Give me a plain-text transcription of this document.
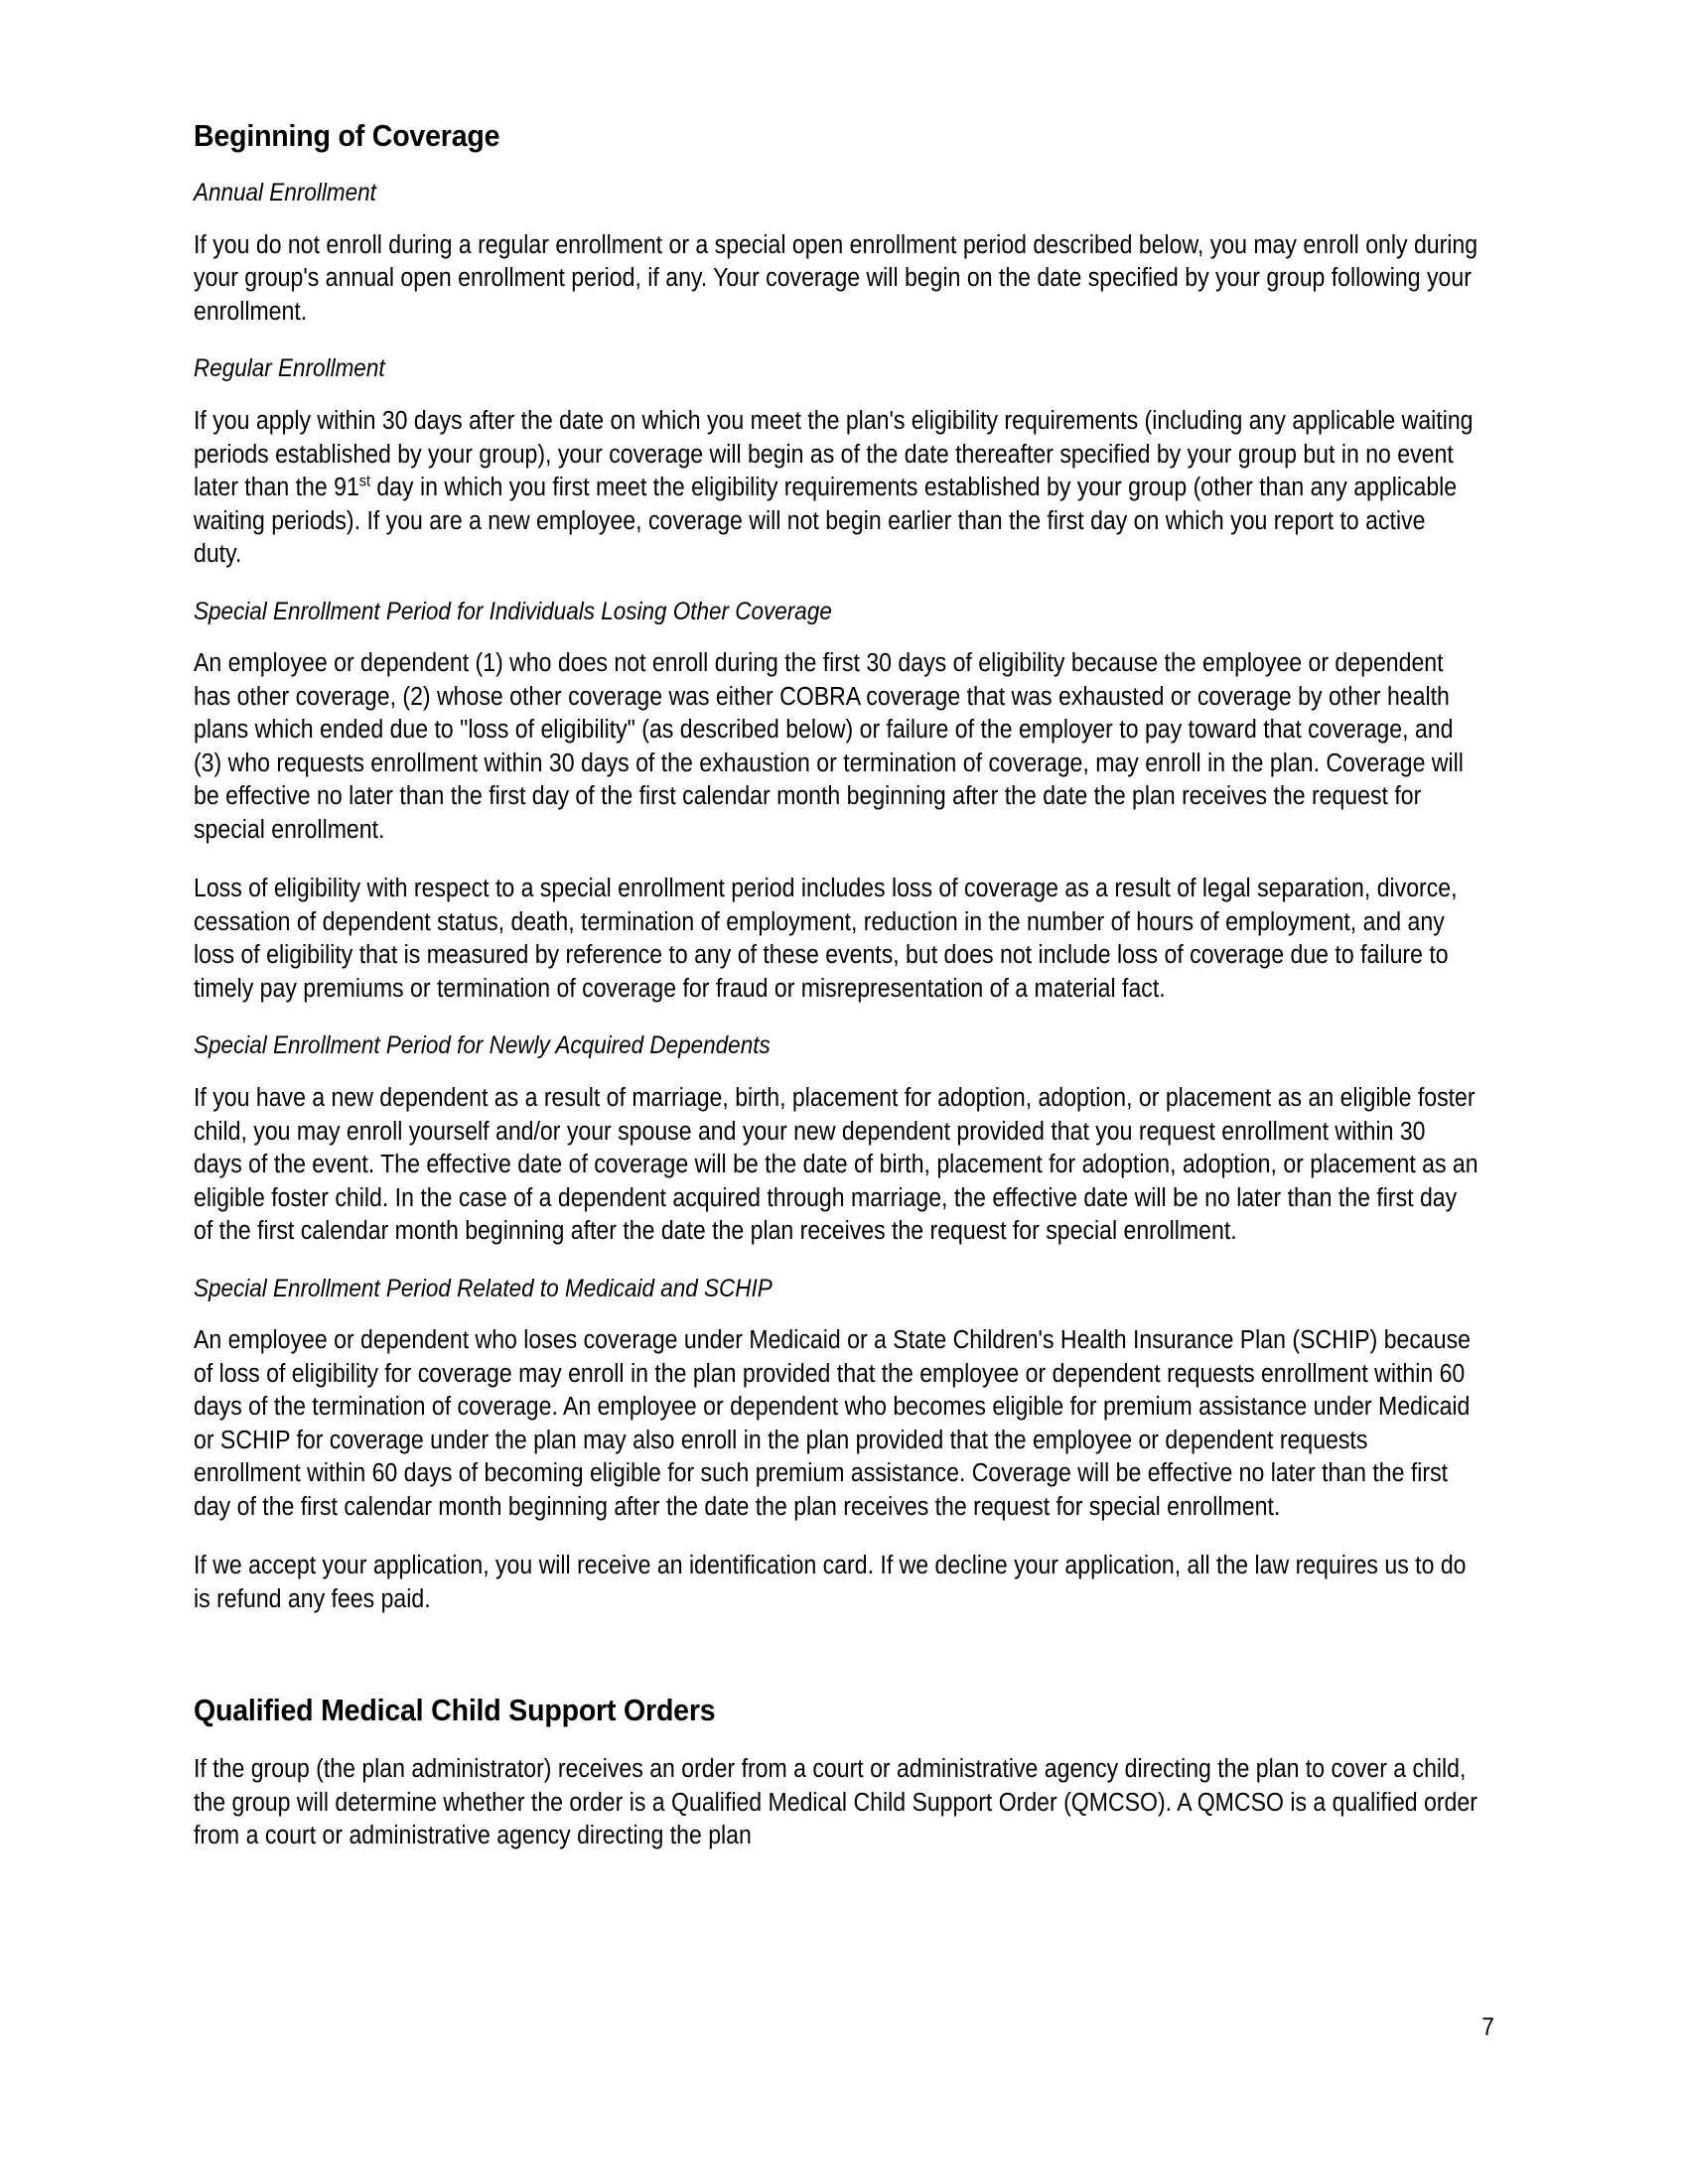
Beginning of Coverage
Annual Enrollment

If you do not enroll during a regular enrollment or a special open enrollment period described below, you may enroll only during your group's annual open enrollment period, if any. Your coverage will begin on the date specified by your group following your enrollment.

Regular Enrollment

If you apply within 30 days after the date on which you meet the plan's eligibility requirements (including any applicable waiting periods established by your group), your coverage will begin as of the date thereafter specified by your group but in no event later than the 91st day in which you first meet the eligibility requirements established by your group (other than any applicable waiting periods). If you are a new employee, coverage will not begin earlier than the first day on which you report to active duty.

Special Enrollment Period for Individuals Losing Other Coverage

An employee or dependent (1) who does not enroll during the first 30 days of eligibility because the employee or dependent has other coverage, (2) whose other coverage was either COBRA coverage that was exhausted or coverage by other health plans which ended due to "loss of eligibility" (as described below) or failure of the employer to pay toward that coverage, and (3) who requests enrollment within 30 days of the exhaustion or termination of coverage, may enroll in the plan. Coverage will be effective no later than the first day of the first calendar month beginning after the date the plan receives the request for special enrollment.

Loss of eligibility with respect to a special enrollment period includes loss of coverage as a result of legal separation, divorce, cessation of dependent status, death, termination of employment, reduction in the number of hours of employment, and any loss of eligibility that is measured by reference to any of these events, but does not include loss of coverage due to failure to timely pay premiums or termination of coverage for fraud or misrepresentation of a material fact.

Special Enrollment Period for Newly Acquired Dependents

If you have a new dependent as a result of marriage, birth, placement for adoption, adoption, or placement as an eligible foster child, you may enroll yourself and/or your spouse and your new dependent provided that you request enrollment within 30 days of the event. The effective date of coverage will be the date of birth, placement for adoption, adoption, or placement as an eligible foster child. In the case of a dependent acquired through marriage, the effective date will be no later than the first day of the first calendar month beginning after the date the plan receives the request for special enrollment.

Special Enrollment Period Related to Medicaid and SCHIP

An employee or dependent who loses coverage under Medicaid or a State Children's Health Insurance Plan (SCHIP) because of loss of eligibility for coverage may enroll in the plan provided that the employee or dependent requests enrollment within 60 days of the termination of coverage. An employee or dependent who becomes eligible for premium assistance under Medicaid or SCHIP for coverage under the plan may also enroll in the plan provided that the employee or dependent requests enrollment within 60 days of becoming eligible for such premium assistance. Coverage will be effective no later than the first day of the first calendar month beginning after the date the plan receives the request for special enrollment.

If we accept your application, you will receive an identification card. If we decline your application, all the law requires us to do is refund any fees paid.

Qualified Medical Child Support Orders

If the group (the plan administrator) receives an order from a court or administrative agency directing the plan to cover a child, the group will determine whether the order is a Qualified Medical Child Support Order (QMCSO). A QMCSO is a qualified order from a court or administrative agency directing the plan

7
